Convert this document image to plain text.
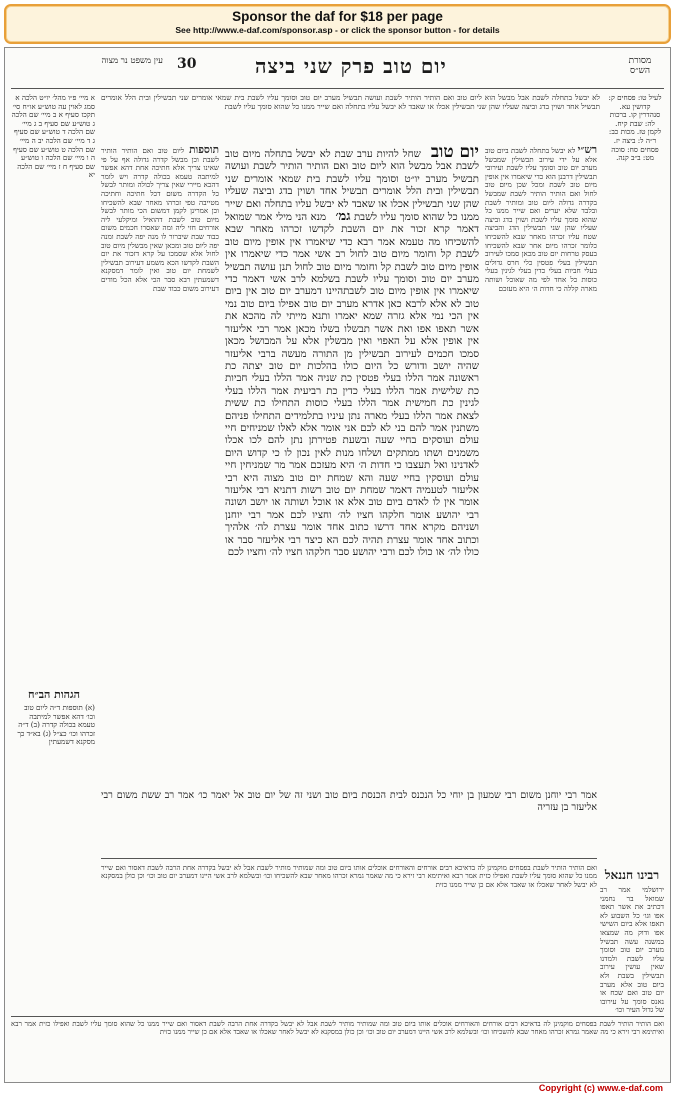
Sponsor the daf for $18 per page
See http://www.e-daf.com/sponsor.asp - or click the sponsor button - for details
עין משפט נר מצוה 30	יום טוב פרק שני ביצה	מסורת הש״ס
א מיי׳ פ״ו מהל׳ יו״ט הלכה א סמג לאוין עה טוש״ע או״ח סי׳ תקכז סעיף א ב מיי׳ שם הלכה ג טוש״ע שם סעיף ב ג מיי׳ שם הלכה ד טוש״ע שם סעיף ג ד מיי׳ שם הלכה יב ה מיי׳ שם הלכה ט טוש״ע שם סעיף ה ו מיי׳ שם הלכה ו טוש״ע שם סעיף ח ז מיי׳ שם הלכה יא
לעיל טו: פסחים ק: קדושין עא. סנהדרין קו. ברכות לה: שבת קיח. לקמן טז. מכות כב: ר״ה ל: ביצה יז. פסחים סח: סוכה מט: ב״ב קנה.
לא יבשל בתחלה לשבת אבל מבשל הוא ליום טוב ואם הותיר הותיר לשבת ועושה תבשיל מערב יום טוב וסומך עליו לשבת בית שמאי אומרים שני תבשילין ובית הלל אומרים תבשיל אחד ושוין בדג וביצה שעליו שהן שני תבשילין אכלו או שאבד לא יבשל עליו בתחלה ואם שייר ממנו כל שהוא סומך עליו לשבת
תוספות ליום טוב ואם הותיר הותיר לשבת וכן מבשל קדרה גדולה אף על פי שאינו צריך אלא חתיכה אחת דהא אפשר למיתבה טעמא בכולה קדרה ויש לומר דהכא מיירי שאין צריך לכולה ומותר לבשל כל הקדרה משום דכל חתיכה וחתיכה מטייבה טפי זכרהו מאחר שבא להשכיחו וכן אמרינן לקמן דמשום הכי מותר לבשל מיום טוב לשבת דהואיל ומיקלעי ליה אורחים חזי ליה ומה שאסרו חכמים משום כבוד שבת שיברור לו מנה יפה לשבת ומנה יפה ליום טוב ומכאן שאין מבשלין מיום טוב לחול אלא שסמכו על קרא דזכור את יום השבת לקדשו הכא משמע דעירוב תבשילין לשמחת יום טוב ואין לומר דמסקנא דשמעתין רבא סבר הכי אלא הכל מודים דעירוב משום כבוד שבת
רש״י לא יבשל בתחלה לשבת ביום טוב אלא על ידי עירוב תבשילין שמבשל מערב יום טוב וסומך עליו לשבת ועירובי תבשילין דרבנן הוא כדי שיאמרו אין אופין מיום טוב לשבת ומכל שכן מיום טוב לחול ואם הותיר הותיר לשבת שמבשל בקדרה גדולה ליום טוב ומותיר לשבת ובלבד שלא יערים ואם שייר ממנו כל שהוא סומך עליו לשבת ושוין בדג וביצה שעליו שהן שני תבשילין הדג והביצה שטח עליו זכרהו מאחר שבא להשכיחו כלומר זכרהו מיום אחר שבא להשכיחו בעסק טרחות יום טוב מכאן סמכו לעירוב תבשילין בעלי פטסין כלי חרס גדולים בעלי חביות בעלי כדין בעלי לגינין בעלי כוסות כל אחד לפי מה שאוכל ושותה מארה קללה כי חדות ה׳ היא מעזכם
יום טוב שחל להיות ערב שבת לא יבשל בתחלה מיום טוב לשבת אבל מבשל הוא ליום טוב ואם הותיר הותיר לשבת ועושה תבשיל מערב יו״ט וסומך עליו לשבת בית שמאי אומרים שני תבשילין ובית הלל אומרים תבשיל אחד ושוין בדג וביצה שעליו שהן שני תבשילין אכלו או שאבד לא יבשל עליו בתחלה ואם שייר ממנו כל שהוא סומך עליו לשבת גמ׳ מנא הני מילי אמר שמואל דאמר קרא זכור את יום השבת לקדשו זכרהו מאחר שבא להשכיחו מה טעמא אמר רבא כדי שיאמרו אין אופין מיום טוב לשבת קל וחומר מיום טוב לחול רב אשי אמר כדי שיאמרו אין אופין מיום טוב לשבת קל וחומר מיום טוב לחול תנן עושה תבשיל מערב יום טוב וסומך עליו לשבת בשלמא לרב אשי דאמר כדי שיאמרו אין אופין מיום טוב לשבתהיינו דמערב יום טוב אין ביום טוב לא אלא לרבא כאן אדרא מערב יום טוב אפילו ביום טוב נמי אין הכי נמי אלא גזרה שמא יאמרו ותנא מייתי לה מהכא את אשר תאפו אפו ואת אשר תבשלו בשלו מכאן אמר רבי אליעזר אין אופין אלא על האפוי ואין מבשלין אלא על המבושל מכאן סמכו חכמים לעירוב תבשילין מן התורה מעשה ברבי אליעזר שהיה יושב ודורש כל היום כולו בהלכות יום טוב יצתה כת ראשונה אמר הללו בעלי פטסין כת שניה אמר הללו בעלי חביות כת שלישית אמר הללו בעלי כדין כת רביעית אמר הללו בעלי לגינין כת חמישית אמר הללו בעלי כוסות התחילו כת ששית לצאת אמר הללו בעלי מארה נתן עיניו בתלמידים התחילו פניהם משתנין אמר להם בני לא לכם אני אומר אלא לאלו שמניחים חיי עולם ועוסקים בחיי שעה ובשעת פטירתן נתן להם לכו אכלו משמנים ושתו ממתקים ושלחו מנות לאין נכון לו כי קדוש היום לאדנינו ואל תעצבו כי חדות ה׳ היא מעזכם אמר מר שמניחין חיי עולם ועוסקין בחיי שעה והא שמחת יום טוב מצוה היא רבי אליעזר לטעמיה דאמר שמחת יום טוב רשות דתניא רבי אליעזר אומר אין לו לאדם ביום טוב אלא או אוכל ושותה או יושב ושונה רבי יהושע אומר חלקהו חציו לה׳ וחציו לכם אמר רבי יוחנן ושניהם מקרא אחד דרשו כתוב אחד אומר עצרת לה׳ אלהיך וכתוב אחד אומר עצרת תהיה לכם הא כיצד רבי אליעזר סבר או כולו לה׳ או כולו לכם ורבי יהושע סבר חלקהו חציו לה׳ וחציו לכם
אמר רבי יוחנן משום רבי שמעון בן יוחי כל הנכנס לבית הכנסת ביום טוב ושני זה של יום טוב אל יאמר כו׳ אמר רב ששת משום רבי אליעזר בן עזריה
הגהות הב״ח
(א) תוספות ד״ה ליום טוב וכו׳ דהא אפשר למיתבה טעמא בכולה קדרה (ב) ד״ה זכרהו וכו׳ כצ״ל (ג) בא״ד כך מסקנא דשמעתין
רבינו חננאל
ירושלמי אמר רב שמואל בר נחמני דכתיב את אשר תאפו אפו וגו׳ כל השבוע לא תאפו אלא ביום השישי אפו ודוק מה שמצאו במשנה עשה תבשיל מערב יום טוב וסומך עליו לשבת ולמדנו שאין עושין עירוב תבשילין בשבת ולא ביום טוב אלא מערב יום טוב ואם שכח או נאנס סומך על עירובו של גדול העיר וכו׳
ואם הותיר הותיר לשבת בפסחים מוקמינן לה בדאיכא רבים אורחים והאורחים אוכלים אותו ביום טוב ומה שמותיר מותיר לשבת אבל לא יבשל בקדרה אחת הרבה לשבת דאסור ואם שייר ממנו כל שהוא סומך עליו לשבת ואפילו כזית אמר רבא ואיתימא רבי זירא כי מה שאמר גמרא זכרהו מאחר שבא להשכיחו וכו׳ ובשלמא לרב אשי היינו דמערב יום טוב וכו׳ וכן כולן במסקנא לא יבשל לאחר שאכלו או שאבד אלא אם כן שייר ממנו כזית
ואם הותיר הותיר לשבת בפסחים מוקמינן לה בדאיכא רבים אורחים והאורחים אוכלים אותו ביום טוב ומה שמותיר מותיר לשבת אבל לא יבשל בקדרה אחת הרבה לשבת דאסור ואם שייר ממנו כל שהוא סומך עליו לשבת ואפילו כזית אמר רבא ואיתימא רבי זירא כי מה שאמר גמרא זכרהו מאחר שבא להשכיחו וכו׳ ובשלמא לרב אשי היינו דמערב יום טוב וכו׳ וכן כולן במסקנא לא יבשל לאחר שאכלו או שאבד אלא אם כן שייר ממנו כזית
Copyright (c) www.e-daf.com
